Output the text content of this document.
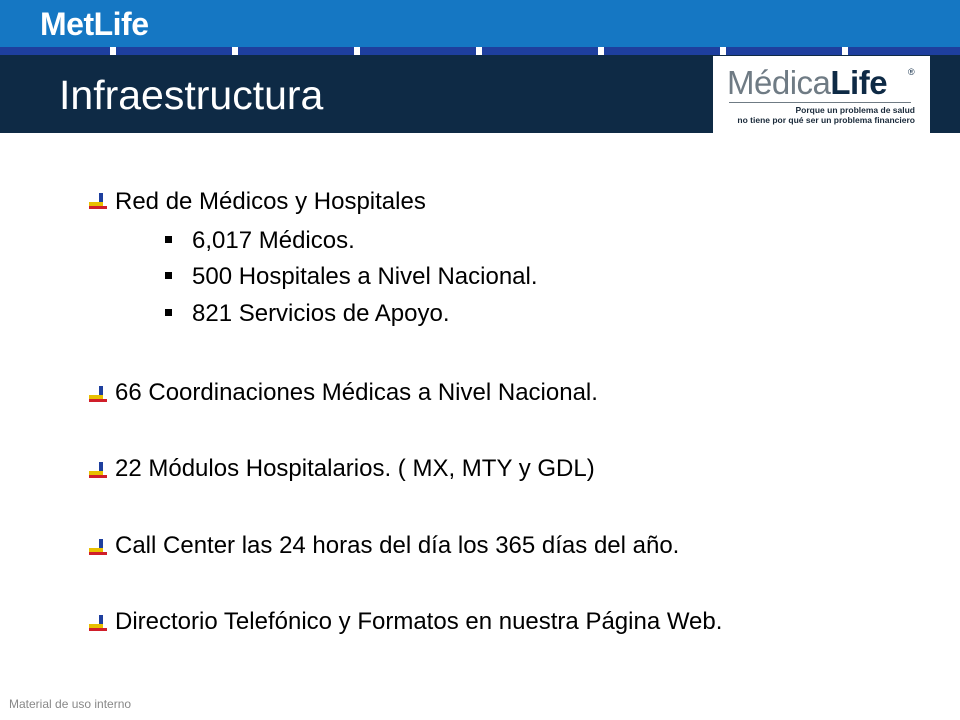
MetLife
Infraestructura	MédicaLife ®
Porque un problema de salud
no tiene por qué ser un problema financiero
Red de Médicos y Hospitales
6,017 Médicos.
500 Hospitales a Nivel Nacional.
821 Servicios de Apoyo.
66 Coordinaciones Médicas a Nivel Nacional.
22 Módulos Hospitalarios. ( MX, MTY y GDL)
Call Center las 24 horas del día los 365 días del año.
Directorio Telefónico y Formatos en nuestra Página Web.
Material de uso interno
